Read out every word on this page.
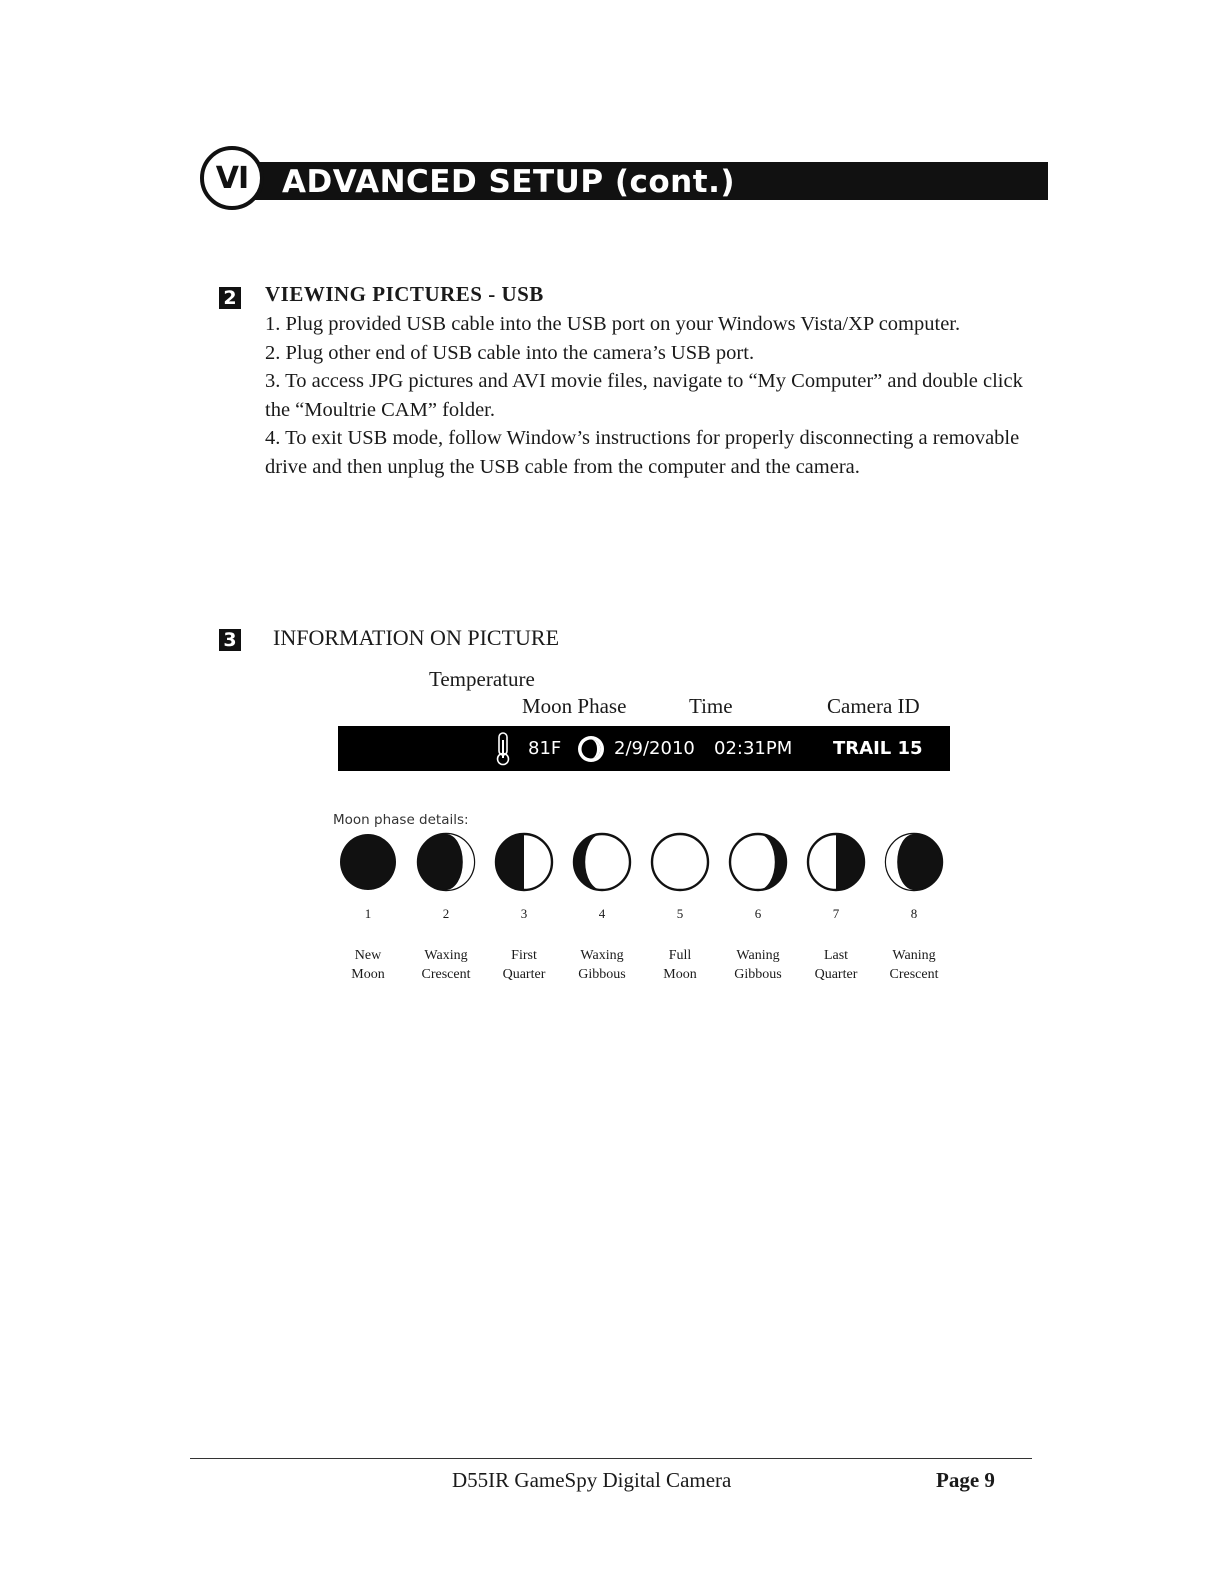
VI ADVANCED SETUP (cont.)
2 VIEWING PICTURES - USB

1. Plug provided USB cable into the USB port on your Windows Vista/XP computer.

2. Plug other end of USB cable into the camera’s USB port.

3. To access JPG pictures and AVI movie files, navigate to “My Computer” and double click the “Moultrie CAM” folder.

4. To exit USB mode, follow Window’s instructions for properly disconnecting a removable drive and then unplug the USB cable from the computer and the camera.

3 INFORMATION ON PICTURE
Temperature
Moon Phase	Time	Camera ID
81F	2/9/2010 02:31PM TRAIL 15
Moon phase details:
1
New
Moon
2
Waxing
Crescent
3
First
Quarter
4
Waxing
Gibbous
5
Full
Moon
6
Waning
Gibbous
7
Last
Quarter
8
Waning
Crescent
D55IR GameSpy Digital Camera	Page 9
